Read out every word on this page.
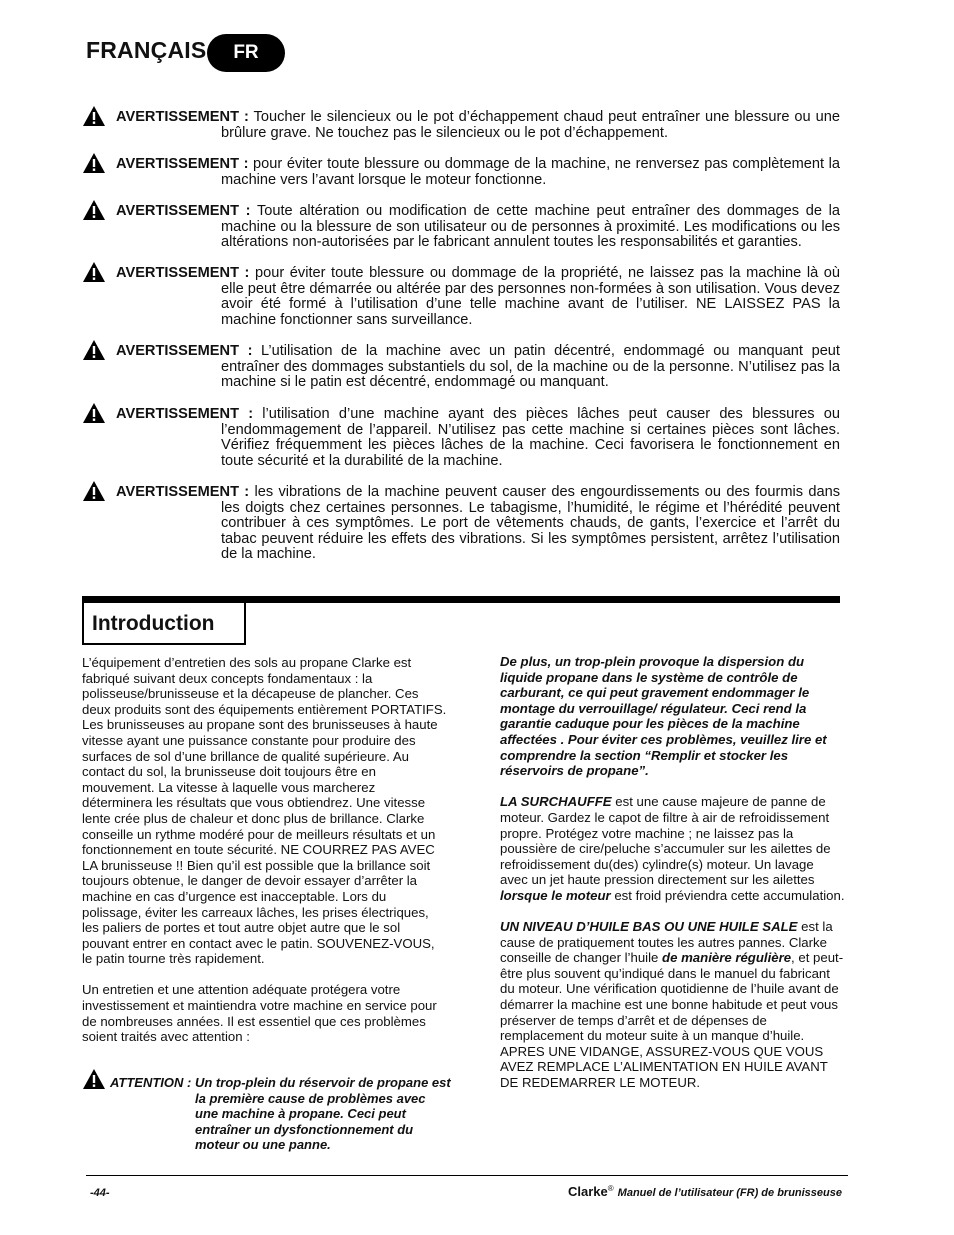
FRANÇAIS	FR
AVERTISSEMENT : Toucher le silencieux ou le pot d’échappement chaud peut entraîner une blessure ou une brûlure grave. Ne touchez pas le silencieux ou le pot d’échappement.
AVERTISSEMENT : pour éviter toute blessure ou dommage de la machine, ne renversez pas complètement la machine vers l’avant lorsque le moteur fonctionne.
AVERTISSEMENT : Toute altération ou modification de cette machine peut entraîner des dommages de la machine ou la blessure de son utilisateur ou de personnes à proximité. Les modifications ou les altérations non-autorisées par le fabricant annulent toutes les responsabilités et garanties.
AVERTISSEMENT : pour éviter toute blessure ou dommage de la propriété, ne laissez pas la machine là où elle peut être démarrée ou altérée par des personnes non-formées à son utilisation. Vous devez avoir été formé à l’utilisation d’une telle machine avant de l’utiliser. NE LAISSEZ PAS la machine fonctionner sans surveillance.
AVERTISSEMENT : L’utilisation de la machine avec un patin décentré, endommagé ou manquant peut entraîner des dommages substantiels du sol, de la machine ou de la personne. N’utilisez pas la machine si le patin est décentré, endommagé ou manquant.
AVERTISSEMENT : l’utilisation d’une machine ayant des pièces lâches peut causer des blessures ou l’endommagement de l’appareil. N’utilisez pas cette machine si certaines pièces sont lâches. Vérifiez fréquemment les pièces lâches de la machine. Ceci favorisera le fonctionnement en toute sécurité et la durabilité de la machine.
AVERTISSEMENT : les vibrations de la machine peuvent causer des engourdissements ou des fourmis dans les doigts chez certaines personnes. Le tabagisme, l’humidité, le régime et l’hérédité peuvent contribuer à ces symptômes. Le port de vêtements chauds, de gants, l’exercice et l’arrêt du tabac peuvent réduire les effets des vibrations. Si les symptômes persistent, arrêtez l’utilisation de la machine.
Introduction

L’équipement d’entretien des sols au propane Clarke est fabriqué suivant deux concepts fondamentaux : la polisseuse/brunisseuse et la décapeuse de plancher. Ces deux produits sont des équipements entièrement PORTATIFS. Les brunisseuses au propane sont des brunisseuses à haute vitesse ayant une puissance constante pour produire des surfaces de sol d’une brillance de qualité supérieure. Au contact du sol, la brunisseuse doit toujours être en mouvement. La vitesse à laquelle vous marcherez déterminera les résultats que vous obtiendrez. Une vitesse lente crée plus de chaleur et donc plus de brillance. Clarke conseille un rythme modéré pour de meilleurs résultats et un fonctionnement en toute sécurité. NE COURREZ PAS AVEC LA brunisseuse !! Bien qu’il est possible que la brillance soit toujours obtenue, le danger de devoir essayer d’arrêter la machine en cas d’urgence est inacceptable. Lors du polissage, éviter les carreaux lâches, les prises électriques, les paliers de portes et tout autre objet autre que le sol pouvant entrer en contact avec le patin. SOUVENEZ-VOUS, le patin tourne très rapidement.

Un entretien et une attention adéquate protégera votre investissement et maintiendra votre machine en service pour de nombreuses années. Il est essentiel que ces problèmes soient traités avec attention :

ATTENTION : Un trop-plein du réservoir de propane est la première cause de problèmes avec une machine à propane. Ceci peut entraîner un dysfonctionnement du moteur ou une panne.

De plus, un trop-plein provoque la dispersion du liquide propane dans le système de contrôle de carburant, ce qui peut gravement endommager le montage du verrouillage/ régulateur. Ceci rend la garantie caduque pour les pièces de la machine affectées . Pour éviter ces problèmes, veuillez lire et comprendre la section “Remplir et stocker les réservoirs de propane”.

LA SURCHAUFFE est une cause majeure de panne de moteur. Gardez le capot de filtre à air de refroidissement propre. Protégez votre machine ; ne laissez pas la poussière de cire/peluche s’accumuler sur les ailettes de refroidissement du(des) cylindre(s) moteur. Un lavage avec un jet haute pression directement sur les ailettes lorsque le moteur est froid préviendra cette accumulation.

UN NIVEAU D’HUILE BAS OU UNE HUILE SALE est la cause de pratiquement toutes les autres pannes. Clarke conseille de changer l’huile de manière régulière, et peut-être plus souvent qu’indiqué dans le manuel du fabricant du moteur. Une vérification quotidienne de l’huile avant de démarrer la machine est une bonne habitude et peut vous préserver de temps d’arrêt et de dépenses de remplacement du moteur suite à un manque d’huile. APRES UNE VIDANGE, ASSUREZ-VOUS QUE VOUS AVEZ REMPLACE L’ALIMENTATION EN HUILE AVANT DE REDEMARRER LE MOTEUR.

-44-	Clarke® Manuel de l’utilisateur (FR) de brunisseuse
